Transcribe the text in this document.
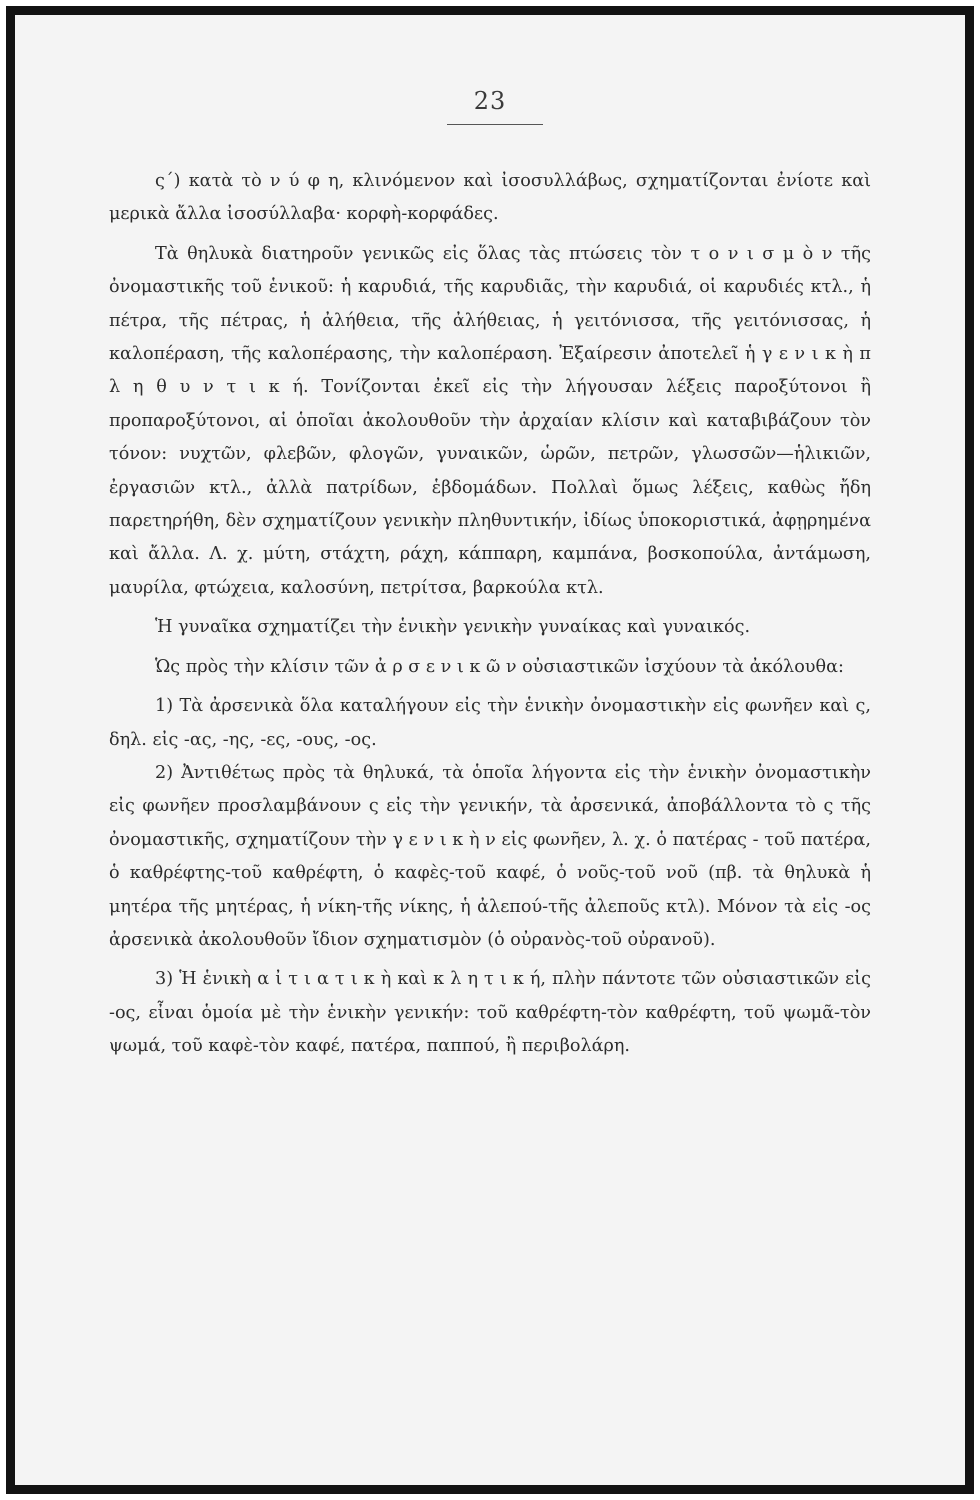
23

ς΄) κατὰ τὸ ν ύ φ η, κλινόμενον καὶ ἰσοσυλλάβως, σχηματίζονται ἐνίοτε καὶ μερικὰ ἄλλα ἰσοσύλλαβα· κορφὴ-κορφάδες.

Τὰ θηλυκὰ διατηροῦν γενικῶς εἰς ὅλας τὰς πτώσεις τὸν τ ο ν ι σ μ ὸ ν τῆς ὀνομαστικῆς τοῦ ἑνικοῦ: ἡ καρυδιά, τῆς καρυδιᾶς, τὴν καρυδιά, οἱ καρυδιές κτλ., ἡ πέτρα, τῆς πέτρας, ἡ ἀλήθεια, τῆς ἀλήθειας, ἡ γειτόνισσα, τῆς γειτόνισσας, ἡ καλοπέραση, τῆς καλοπέρασης, τὴν καλοπέραση. Ἐξαίρεσιν ἀποτελεῖ ἡ γ ε ν ι κ ὴ π λ η θ υ ν τ ι κ ή. Τονίζονται ἐκεῖ εἰς τὴν λήγουσαν λέξεις παροξύτονοι ἢ προπαροξύτονοι, αἱ ὁποῖαι ἀκολουθοῦν τὴν ἀρχαίαν κλίσιν καὶ καταβιβάζουν τὸν τόνον: νυχτῶν, φλεβῶν, φλογῶν, γυναικῶν, ὡρῶν, πετρῶν, γλωσσῶν—ἡλικιῶν, ἐργασιῶν κτλ., ἀλλὰ πατρίδων, ἑβδομάδων. Πολλαὶ ὅμως λέξεις, καθὼς ἤδη παρετηρήθη, δὲν σχηματίζουν γενικὴν πληθυντικήν, ἰδίως ὑποκοριστικά, ἀφῃρημένα καὶ ἄλλα. Λ. χ. μύτη, στάχτη, ράχη, κάππαρη, καμπάνα, βοσκοπούλα, ἀντάμωση, μαυρίλα, φτώχεια, καλοσύνη, πετρίτσα, βαρκούλα κτλ.

Ἡ γυναῖκα σχηματίζει τὴν ἑνικὴν γενικὴν γυναίκας καὶ γυναικός.

Ὡς πρὸς τὴν κλίσιν τῶν ἀ ρ σ ε ν ι κ ῶ ν οὐσιαστικῶν ἰσχύουν τὰ ἀκόλουθα:

1) Τὰ ἀρσενικὰ ὅλα καταλήγουν εἰς τὴν ἑνικὴν ὀνομαστικὴν εἰς φωνῆεν καὶ ς, δηλ. εἰς -ας, -ης, -ες, -ους, -ος.

2) Ἀντιθέτως πρὸς τὰ θηλυκά, τὰ ὁποῖα λήγοντα εἰς τὴν ἑνικὴν ὀνομαστικὴν εἰς φωνῆεν προσλαμβάνουν ς εἰς τὴν γενικήν, τὰ ἀρσενικά, ἀποβάλλοντα τὸ ς τῆς ὀνομαστικῆς, σχηματίζουν τὴν γ ε ν ι κ ὴ ν εἰς φωνῆεν, λ. χ. ὁ πατέρας - τοῦ πατέρα, ὁ καθρέφτης-τοῦ καθρέφτη, ὁ καφὲς-τοῦ καφέ, ὁ νοῦς-τοῦ νοῦ (πβ. τὰ θηλυκὰ ἡ μητέρα τῆς μητέρας, ἡ νίκη-τῆς νίκης, ἡ ἀλεπού-τῆς ἀλεποῦς κτλ). Μόνον τὰ εἰς -ος ἀρσενικὰ ἀκολουθοῦν ἴδιον σχηματισμὸν (ὁ οὐρανὸς-τοῦ οὐρανοῦ).

3) Ἡ ἑνικὴ α ἰ τ ι α τ ι κ ὴ καὶ κ λ η τ ι κ ή, πλὴν πάντοτε τῶν οὐσιαστικῶν εἰς -ος, εἶναι ὁμοία μὲ τὴν ἑνικὴν γενικήν: τοῦ καθρέφτη-τὸν καθρέφτη, τοῦ ψωμᾶ-τὸν ψωμά, τοῦ καφὲ-τὸν καφέ, πατέρα, παππού, ἢ περιβολάρη.
